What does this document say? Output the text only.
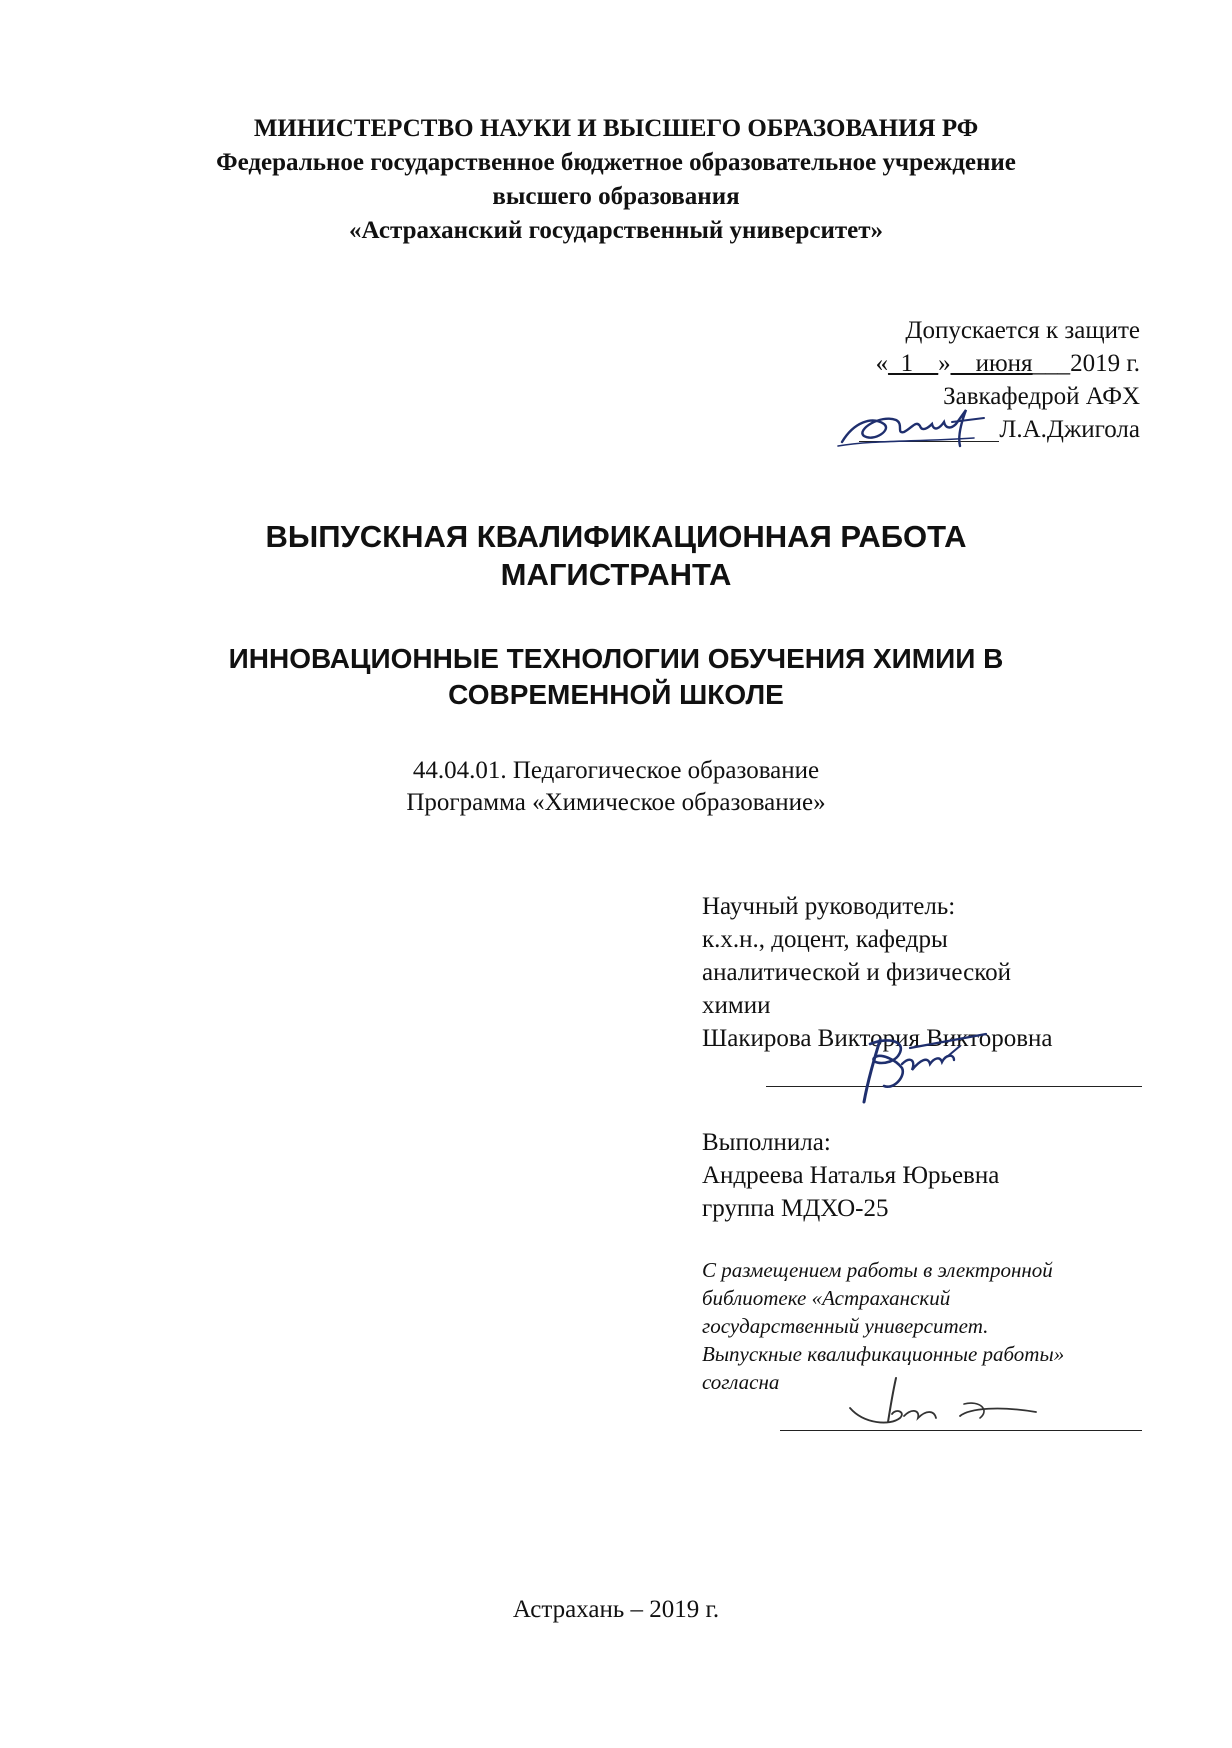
МИНИСТЕРСТВО НАУКИ И ВЫСШЕГО ОБРАЗОВАНИЯ РФ
Федеральное государственное бюджетное образовательное учреждение
высшего образования
«Астраханский государственный университет»
Допускается к защите
«_1__»__июня___2019 г.
Завкафедрой АФХ
Л.А.Джигола
ВЫПУСКНАЯ КВАЛИФИКАЦИОННАЯ РАБОТА
МАГИСТРАНТА
ИННОВАЦИОННЫЕ ТЕХНОЛОГИИ ОБУЧЕНИЯ ХИМИИ В
СОВРЕМЕННОЙ ШКОЛЕ
44.04.01. Педагогическое образование
Программа «Химическое образование»
Научный руководитель:
к.х.н., доцент, кафедры
аналитической и физической
химии
Шакирова Виктория Викторовна
Выполнила:
Андреева Наталья Юрьевна
группа МДХО-25
С размещением работы в электронной
библиотеке «Астраханский
государственный университет.
Выпускные квалификационные работы»
согласна
Астрахань – 2019 г.
